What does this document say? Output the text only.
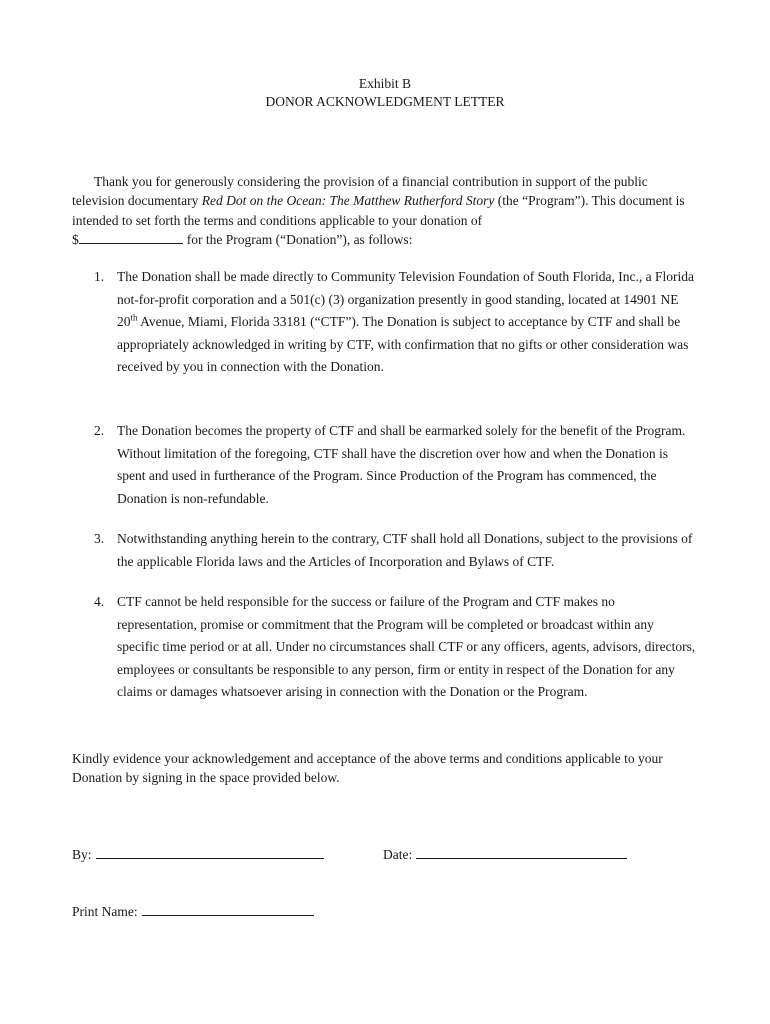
Exhibit B
DONOR ACKNOWLEDGMENT LETTER

Thank you for generously considering the provision of a financial contribution in support of the public television documentary Red Dot on the Ocean: The Matthew Rutherford Story (the “Program”). This document is intended to set forth the terms and conditions applicable to your donation of
$	for the Program (“Donation”), as follows:

1. The Donation shall be made directly to Community Television Foundation of South Florida, Inc., a Florida not-for-profit corporation and a 501(c) (3) organization presently in good standing, located at 14901 NE 20th Avenue, Miami, Florida 33181 (“CTF”). The Donation is subject to acceptance by CTF and shall be appropriately acknowledged in writing by CTF, with confirmation that no gifts or other consideration was received by you in connection with the Donation.
2. The Donation becomes the property of CTF and shall be earmarked solely for the benefit of the Program. Without limitation of the foregoing, CTF shall have the discretion over how and when the Donation is spent and used in furtherance of the Program. Since Production of the Program has commenced, the Donation is non-refundable.
3. Notwithstanding anything herein to the contrary, CTF shall hold all Donations, subject to the provisions of the applicable Florida laws and the Articles of Incorporation and Bylaws of CTF.
4. CTF cannot be held responsible for the success or failure of the Program and CTF makes no representation, promise or commitment that the Program will be completed or broadcast within any specific time period or at all. Under no circumstances shall CTF or any officers, agents, advisors, directors, employees or consultants be responsible to any person, firm or entity in respect of the Donation for any claims or damages whatsoever arising in connection with the Donation or the Program.

Kindly evidence your acknowledgement and acceptance of the above terms and conditions applicable to your Donation by signing in the space provided below.

By:	Date:
Print Name:
